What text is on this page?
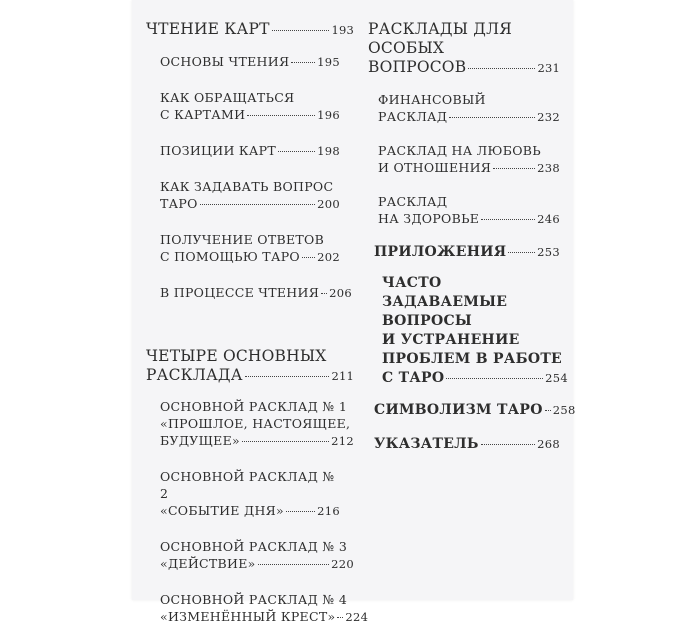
ЧТЕНИЕ КАРТ	193
ОСНОВЫ ЧТЕНИЯ 195
КАК ОБРАЩАТЬСЯ
С КАРТАМИ	196
ПОЗИЦИИ КАРТ	198
КАК ЗАДАВАТЬ ВОПРОС
ТАРО	200
ПОЛУЧЕНИЕ ОТВЕТОВ
С ПОМОЩЬЮ ТАРО 202
В ПРОЦЕССЕ ЧТЕНИЯ 206
ЧЕТЫРЕ ОСНОВНЫХ
РАСКЛАДА	211
ОСНОВНОЙ РАСКЛАД № 1
«ПРОШЛОЕ, НАСТОЯЩЕЕ,
БУДУЩЕЕ»	212
ОСНОВНОЙ РАСКЛАД № 2
«СОБЫТИЕ ДНЯ»	216
ОСНОВНОЙ РАСКЛАД № 3
«ДЕЙСТВИЕ»	220
ОСНОВНОЙ РАСКЛАД № 4
«ИЗМЕНЁННЫЙ КРЕСТ» 224
РАСКЛАДЫ ДЛЯ ОСОБЫХ
ВОПРОСОВ	231
ФИНАНСОВЫЙ
РАСКЛАД	232
РАСКЛАД НА ЛЮБОВЬ
И ОТНОШЕНИЯ	238
РАСКЛАД
НА ЗДОРОВЬЕ	246
ПРИЛОЖЕНИЯ	253
ЧАСТО ЗАДАВАЕМЫЕ
ВОПРОСЫ
И УСТРАНЕНИЕ
ПРОБЛЕМ В РАБОТЕ
С ТАРО	254
СИМВОЛИЗМ ТАРО 258
УКАЗАТЕЛЬ	268
